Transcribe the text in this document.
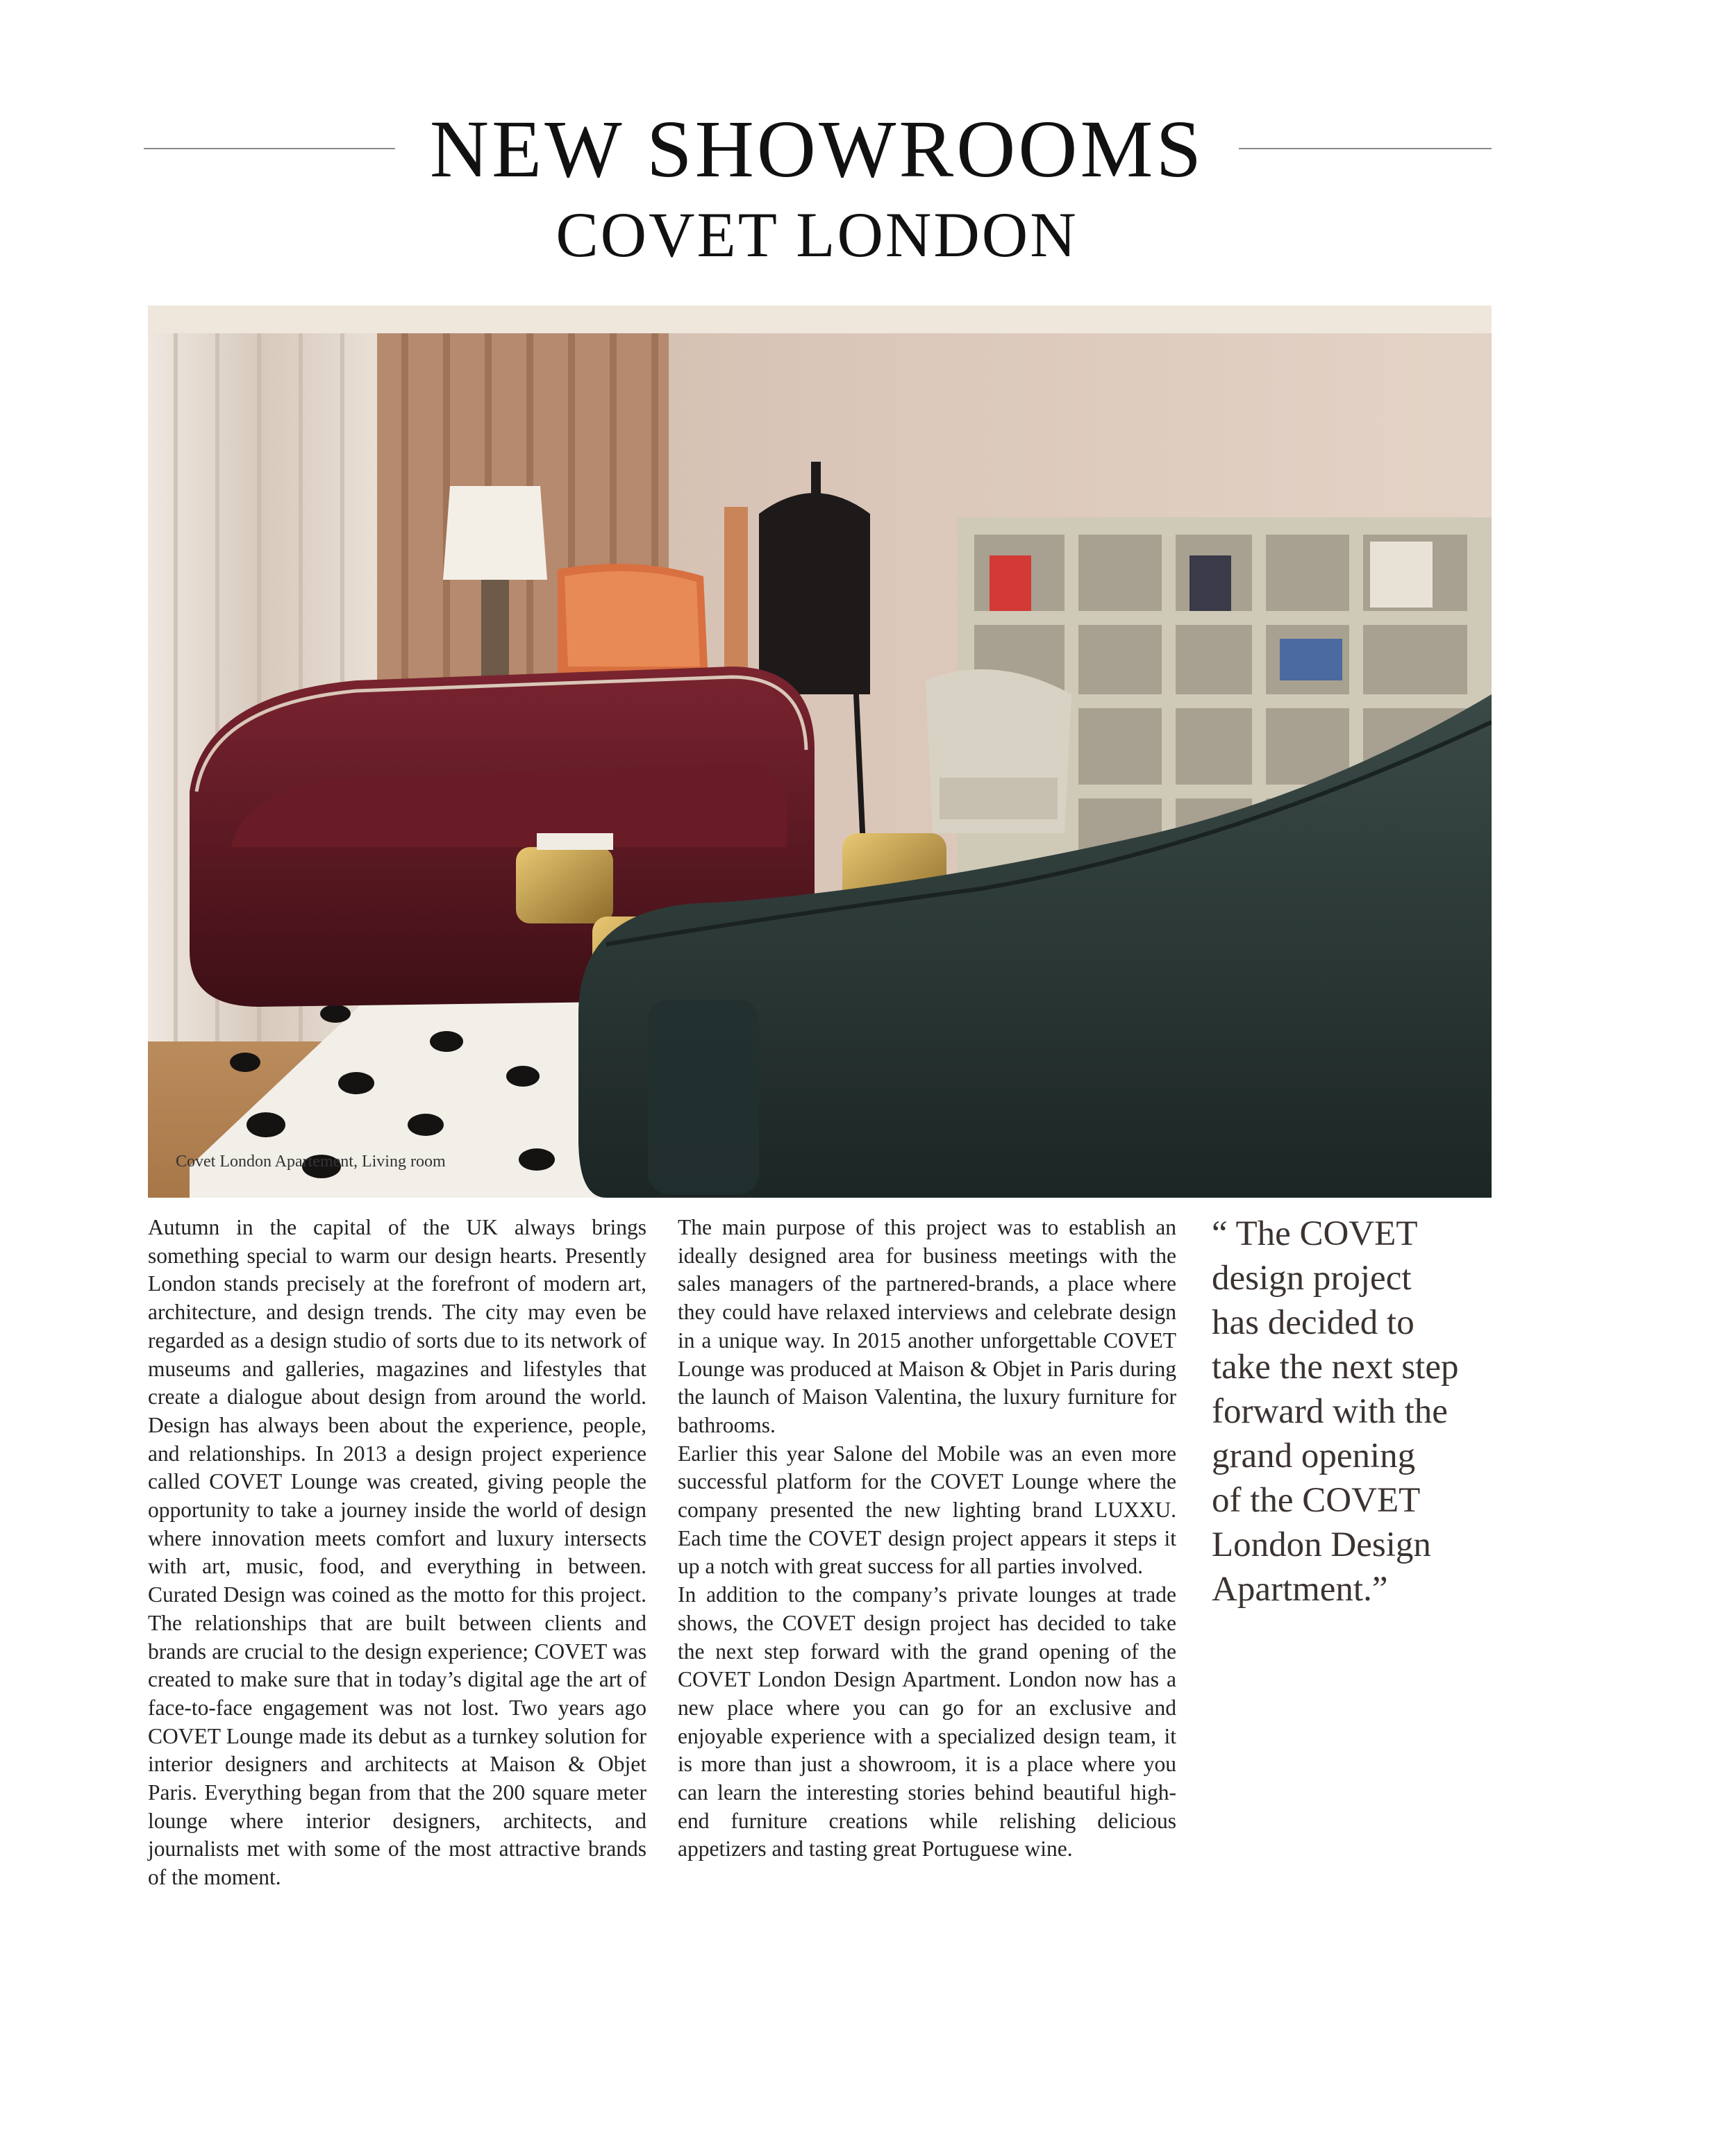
NEW SHOWROOMS
COVET LONDON
Covet London Apartement, Living room

Autumn in the capital of the UK always brings something special to warm our design hearts. Presently London stands precisely at the forefront of modern art, architecture, and design trends. The city may even be regarded as a design studio of sorts due to its network of museums and galleries, magazines and lifestyles that create a dialogue about design from around the world. Design has always been about the experience, people, and relationships. In 2013 a design project experience called COVET Lounge was created, giving people the opportunity to take a journey inside the world of design where innovation meets comfort and luxury intersects with art, music, food, and everything in between. Curated Design was coined as the motto for this project. The relationships that are built between clients and brands are crucial to the design experience; COVET was created to make sure that in today’s digital age the art of face-to-face engagement was not lost. Two years ago COVET Lounge made its debut as a turnkey solution for interior designers and architects at Maison & Objet Paris. Everything began from that the 200 square meter lounge where interior designers, architects, and journalists met with some of the most attractive brands of the moment.

The main purpose of this project was to establish an ideally designed area for business meetings with the sales managers of the partnered-brands, a place where they could have relaxed interviews and celebrate design in a unique way. In 2015 another unforgettable COVET Lounge was produced at Maison & Objet in Paris during the launch of Maison Valentina, the luxury furniture for bathrooms.

Earlier this year Salone del Mobile was an even more successful platform for the COVET Lounge where the company presented the new lighting brand LUXXU. Each time the COVET design project appears it steps it up a notch with great success for all parties involved.

In addition to the company’s private lounges at trade shows, the COVET design project has decided to take the next step forward with the grand opening of the COVET London Design Apartment. London now has a new place where you can go for an exclusive and enjoyable experience with a specialized design team, it is more than just a showroom, it is a place where you can learn the interesting stories behind beautiful high-end furniture creations while relishing delicious appetizers and tasting great Portuguese wine.

“ The COVET
design project
has decided to
take the next step
forward with the
grand opening
of the COVET
London Design
Apartment.”
